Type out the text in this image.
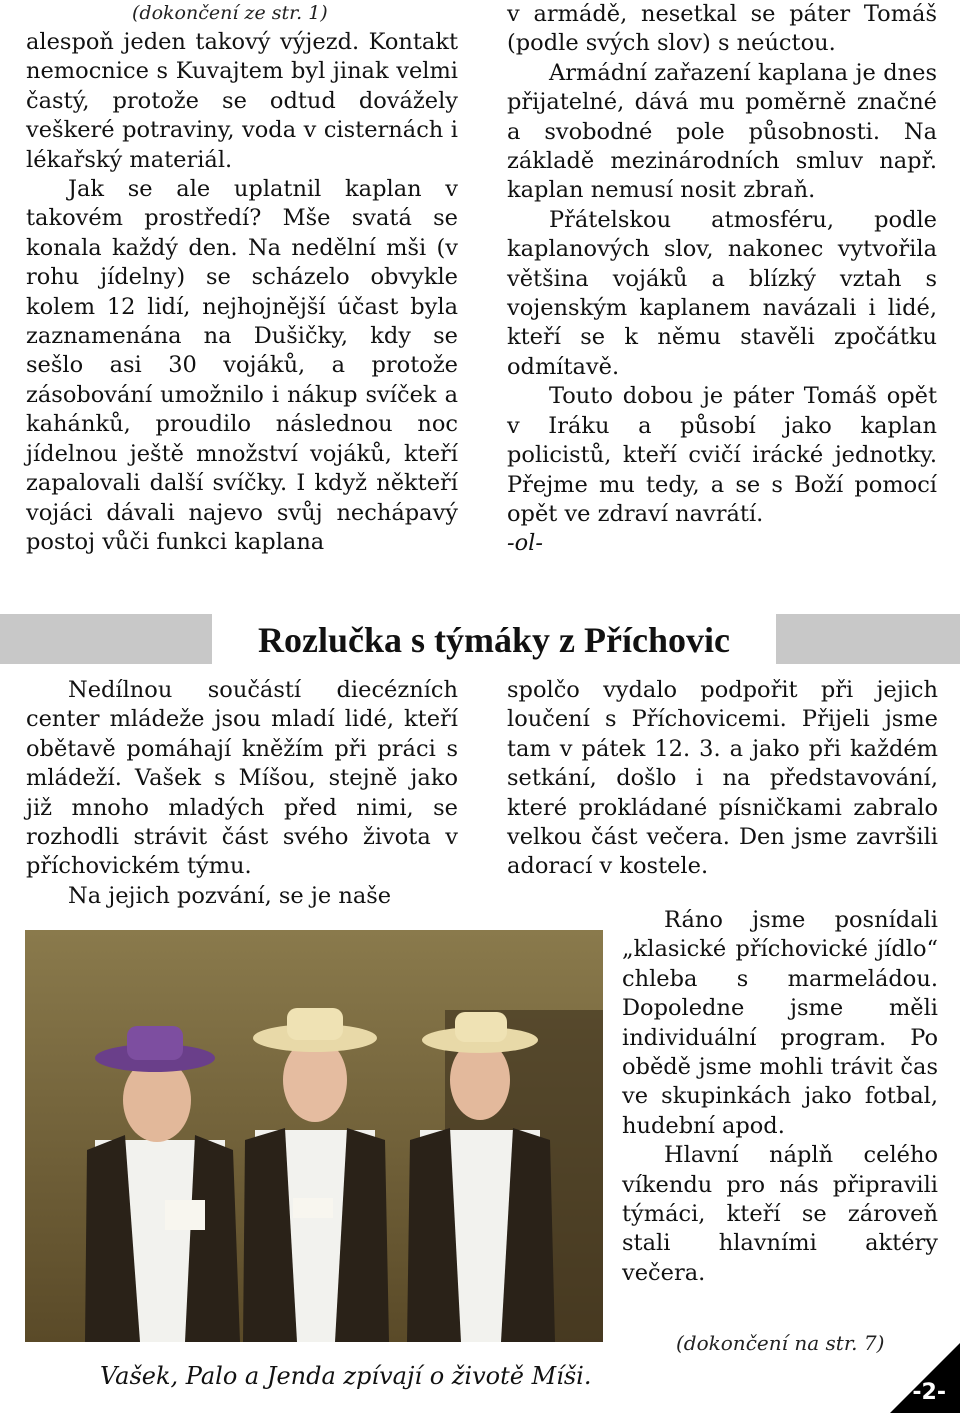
(dokončení ze str. 1)

alespoň jeden takový výjezd. Kontakt nemocnice s Kuvajtem byl jinak velmi častý, protože se odtud dovážely veškeré potraviny, voda v cisternách i lékařský materiál.

Jak se ale uplatnil kaplan v takovém prostředí? Mše svatá se konala každý den. Na nedělní mši (v rohu jídelny) se scházelo obvykle kolem 12 lidí, nejhojnější účast byla zaznamenána na Dušičky, kdy se sešlo asi 30 vojáků, a protože zásobování umožnilo i nákup svíček a kahánků, proudilo následnou noc jídelnou ještě množství vojáků, kteří zapalovali další svíčky. I když někteří vojáci dávali najevo svůj nechápavý postoj vůči funkci kaplana

v armádě, nesetkal se páter Tomáš (podle svých slov) s neúctou.

Armádní zařazení kaplana je dnes přijatelné, dává mu poměrně značné a svobodné pole působnosti. Na základě mezinárodních smluv např. kaplan nemusí nosit zbraň.

Přátelskou atmosféru, podle kaplanových slov, nakonec vytvořila většina vojáků a blízký vztah s vojenským kaplanem navázali i lidé, kteří se k němu stavěli zpočátku odmítavě.

Touto dobou je páter Tomáš opět v Iráku a působí jako kaplan policistů, kteří cvičí irácké jednotky. Přejme mu tedy, a se s Boží pomocí opět ve zdraví navrátí.

-ol-

Rozlučka s týmáky z Příchovic

Nedílnou součástí diecézních center mládeže jsou mladí lidé, kteří obětavě pomáhají kněžím při práci s mládeží. Vašek s Míšou, stejně jako již mnoho mladých před nimi, se rozhodli strávit část svého života v příchovickém týmu.

Na jejich pozvání, se je naše

spolčo vydalo podpořit při jejich loučení s Příchovicemi. Přijeli jsme tam v pátek 12. 3. a jako při každém setkání, došlo i na představování, které prokládané písničkami zabralo velkou část večera. Den jsme završili adorací v kostele.

Ráno jsme posnídali „klasické příchovické jídlo“ chleba s marmeládou. Dopoledne jsme měli individuální program. Po obědě jsme mohli trávit čas ve skupinkách jako fotbal, hudební apod.

Hlavní náplň celého víkendu pro nás připravili týmáci, kteří se zároveň stali hlavními aktéry večera.

Vašek, Palo a Jenda zpívají o životě Míši.
(dokončení na str. 7)
-2-
